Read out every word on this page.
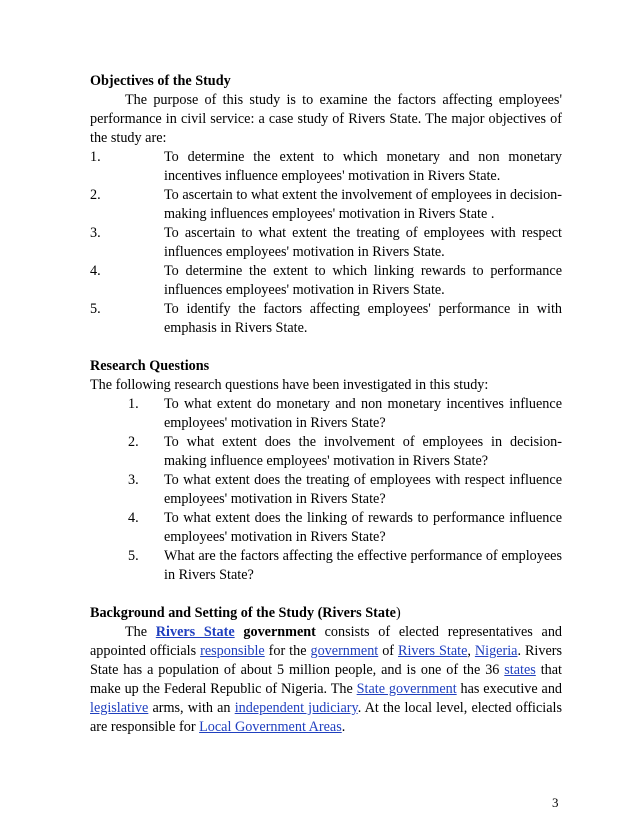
Objectives of the Study

The purpose of this study is to examine the factors affecting employees' performance in civil service: a case study of Rivers State. The major objectives of the study are:

1.	To determine the extent to which monetary and non monetary incentives influence employees' motivation in Rivers State.
2.	To ascertain to what extent the involvement of employees in decision-making influences employees' motivation in Rivers State .
3.	To ascertain to what extent the treating of employees with respect influences employees' motivation in Rivers State.
4.	To determine the extent to which linking rewards to performance influences employees' motivation in Rivers State.
5.	To identify the factors affecting employees' performance in with emphasis in Rivers State.

Research Questions

The following research questions have been investigated in this study:

1. To what extent do monetary and non monetary incentives influence employees' motivation in Rivers State?
2. To what extent does the involvement of employees in decision-making influence employees' motivation in Rivers State?
3. To what extent does the treating of employees with respect influence employees' motivation in Rivers State?
4. To what extent does the linking of rewards to performance influence employees' motivation in Rivers State?
5. What are the factors affecting the effective performance of employees in Rivers State?

Background and Setting of the Study (Rivers State)

The Rivers State government consists of elected representatives and appointed officials responsible for the government of Rivers State, Nigeria. Rivers State has a population of about 5 million people, and is one of the 36 states that make up the Federal Republic of Nigeria. The State government has executive and legislative arms, with an independent judiciary. At the local level, elected officials are responsible for Local Government Areas.

3
